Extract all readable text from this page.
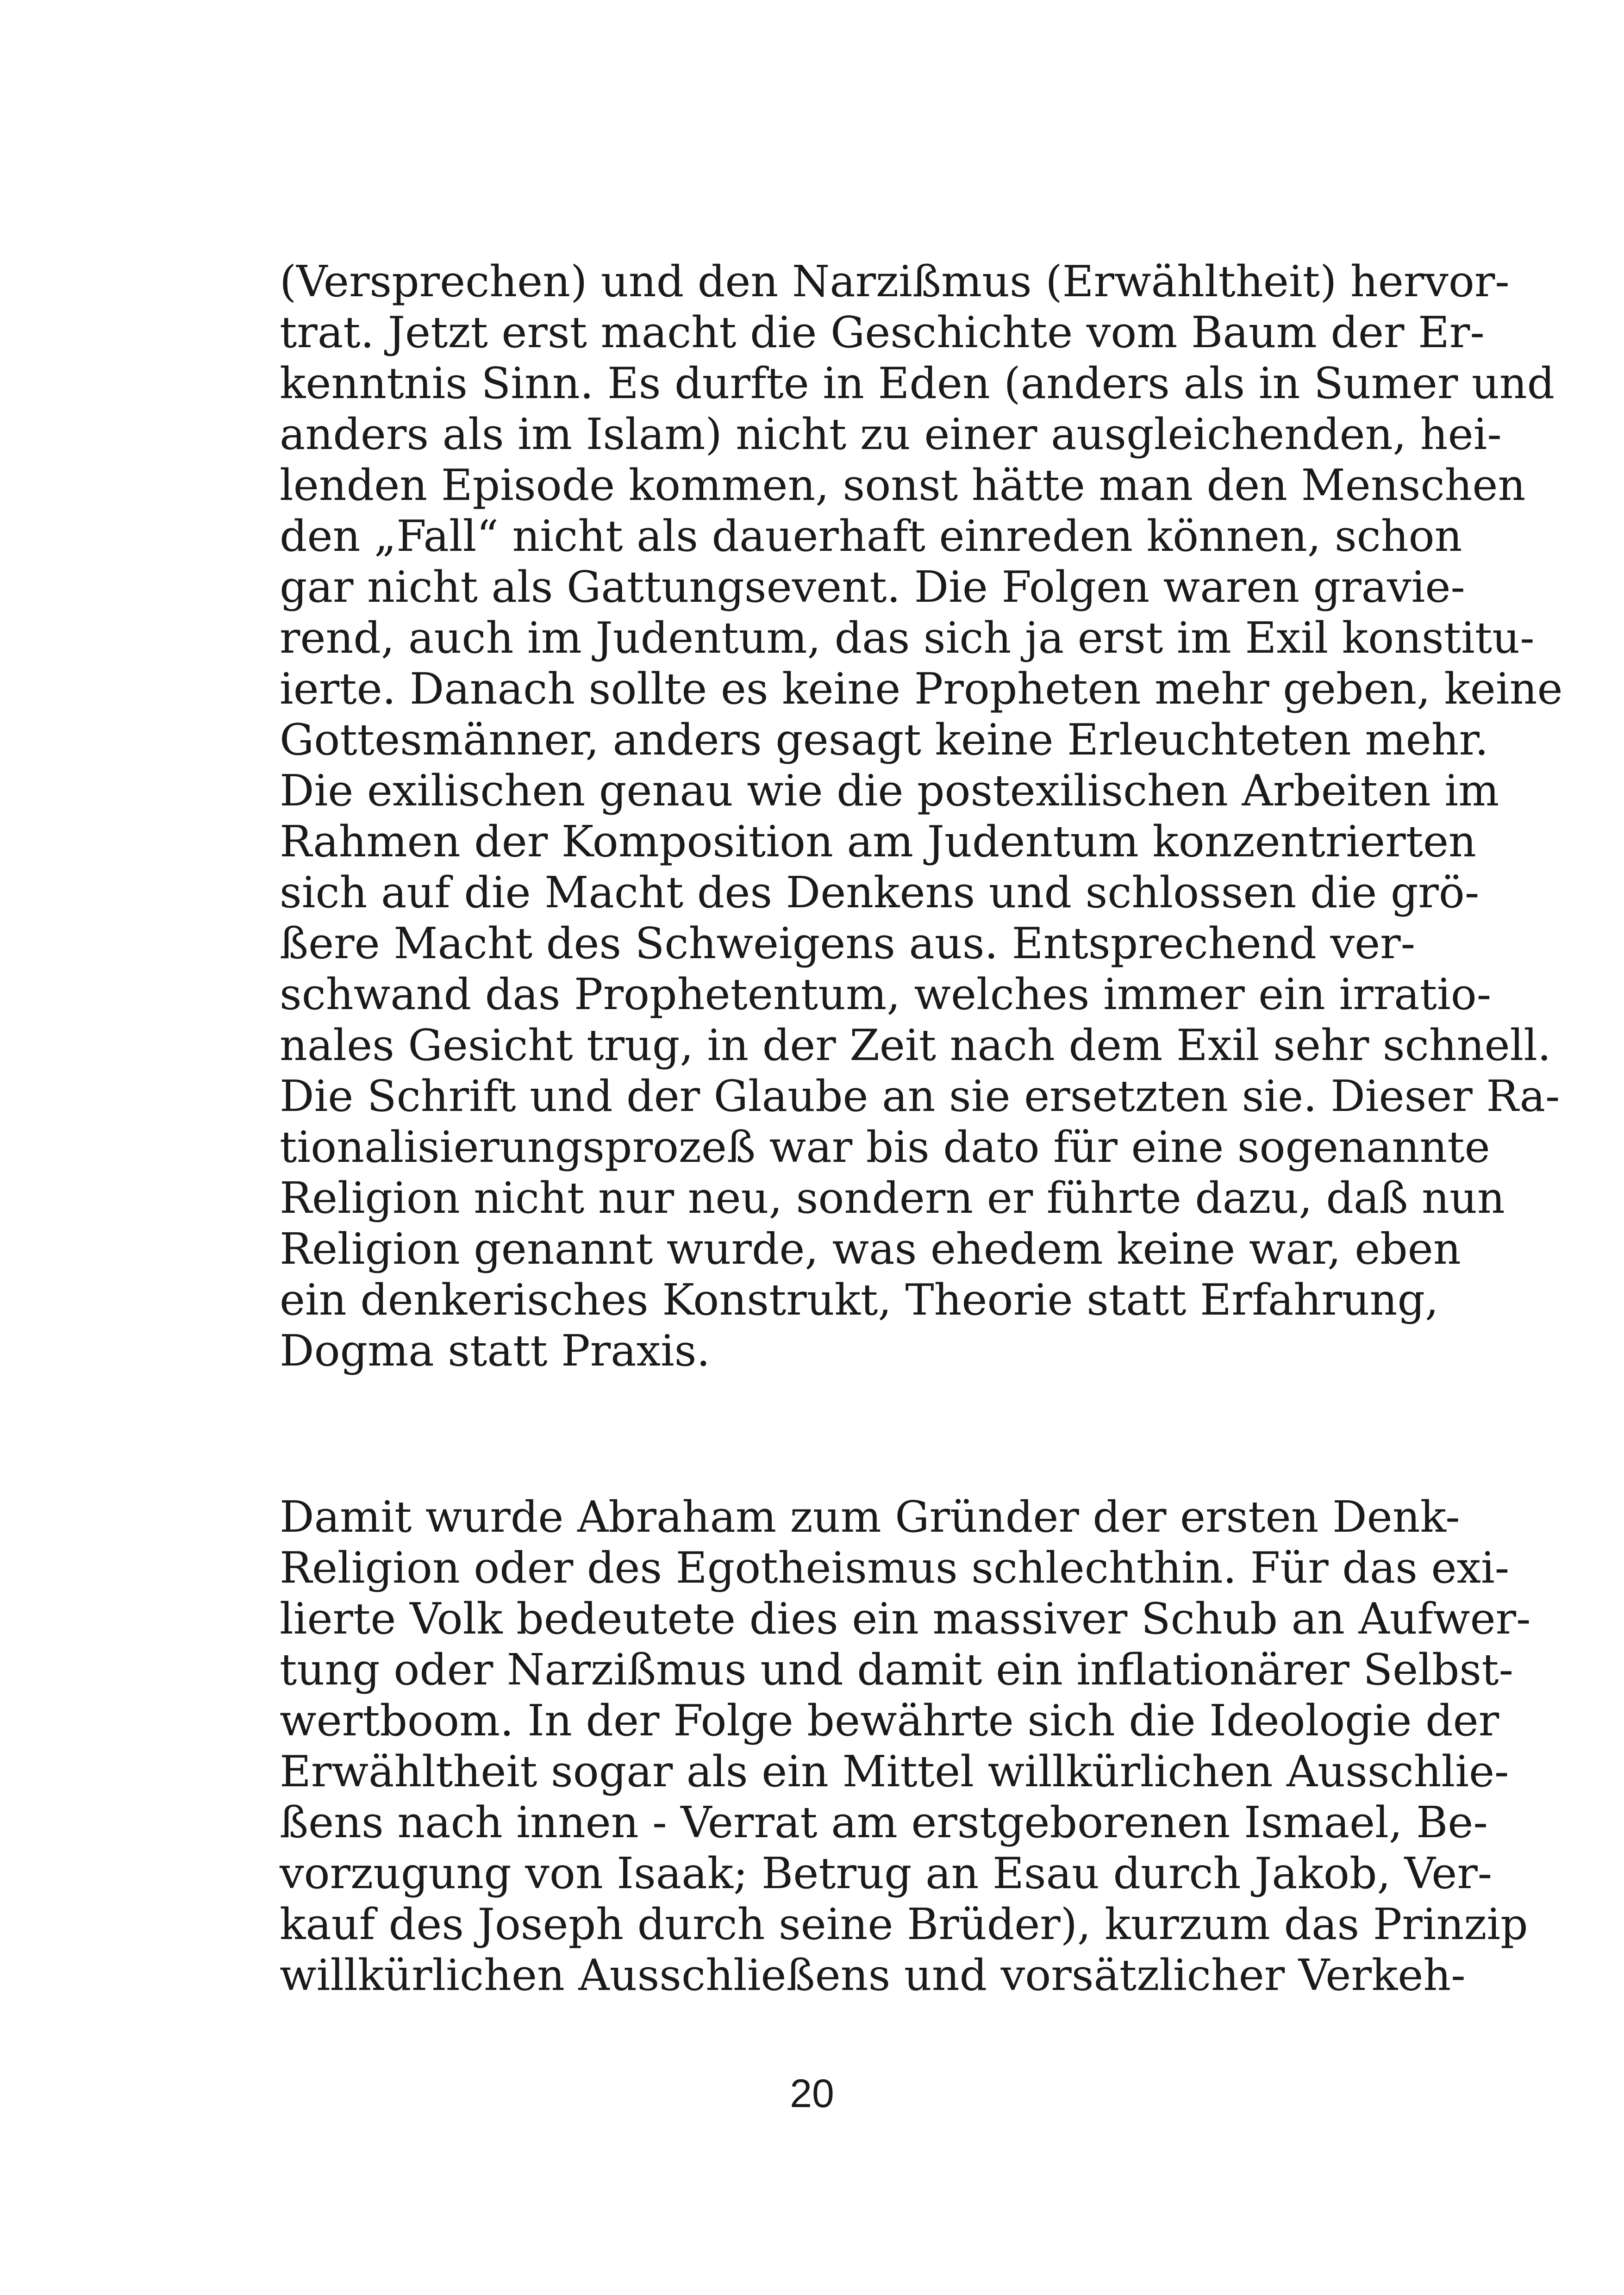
(Versprechen) und den Narzißmus (Erwähltheit) hervor-
trat. Jetzt erst macht die Geschichte vom Baum der Er-
kenntnis Sinn. Es durfte in Eden (anders als in Sumer und
anders als im Islam) nicht zu einer ausgleichenden, hei-
lenden Episode kommen, sonst hätte man den Menschen
den „Fall“ nicht als dauerhaft einreden können, schon
gar nicht als Gattungsevent. Die Folgen waren gravie-
rend, auch im Judentum, das sich ja erst im Exil konstitu-
ierte. Danach sollte es keine Propheten mehr geben, keine
Gottesmänner, anders gesagt keine Erleuchteten mehr.
Die exilischen genau wie die postexilischen Arbeiten im
Rahmen der Komposition am Judentum konzentrierten
sich auf die Macht des Denkens und schlossen die grö-
ßere Macht des Schweigens aus. Entsprechend ver-
schwand das Prophetentum, welches immer ein irratio-
nales Gesicht trug, in der Zeit nach dem Exil sehr schnell.
Die Schrift und der Glaube an sie ersetzten sie. Dieser Ra-
tionalisierungsprozeß war bis dato für eine sogenannte
Religion nicht nur neu, sondern er führte dazu, daß nun
Religion genannt wurde, was ehedem keine war, eben
ein denkerisches Konstrukt, Theorie statt Erfahrung,
Dogma statt Praxis.
Damit wurde Abraham zum Gründer der ersten Denk-
Religion oder des Egotheismus schlechthin. Für das exi-
lierte Volk bedeutete dies ein massiver Schub an Aufwer-
tung oder Narzißmus und damit ein inflationärer Selbst-
wertboom. In der Folge bewährte sich die Ideologie der
Erwähltheit sogar als ein Mittel willkürlichen Ausschlie-
ßens nach innen - Verrat am erstgeborenen Ismael, Be-
vorzugung von Isaak; Betrug an Esau durch Jakob, Ver-
kauf des Joseph durch seine Brüder), kurzum das Prinzip
willkürlichen Ausschließens und vorsätzlicher Verkeh-
20
